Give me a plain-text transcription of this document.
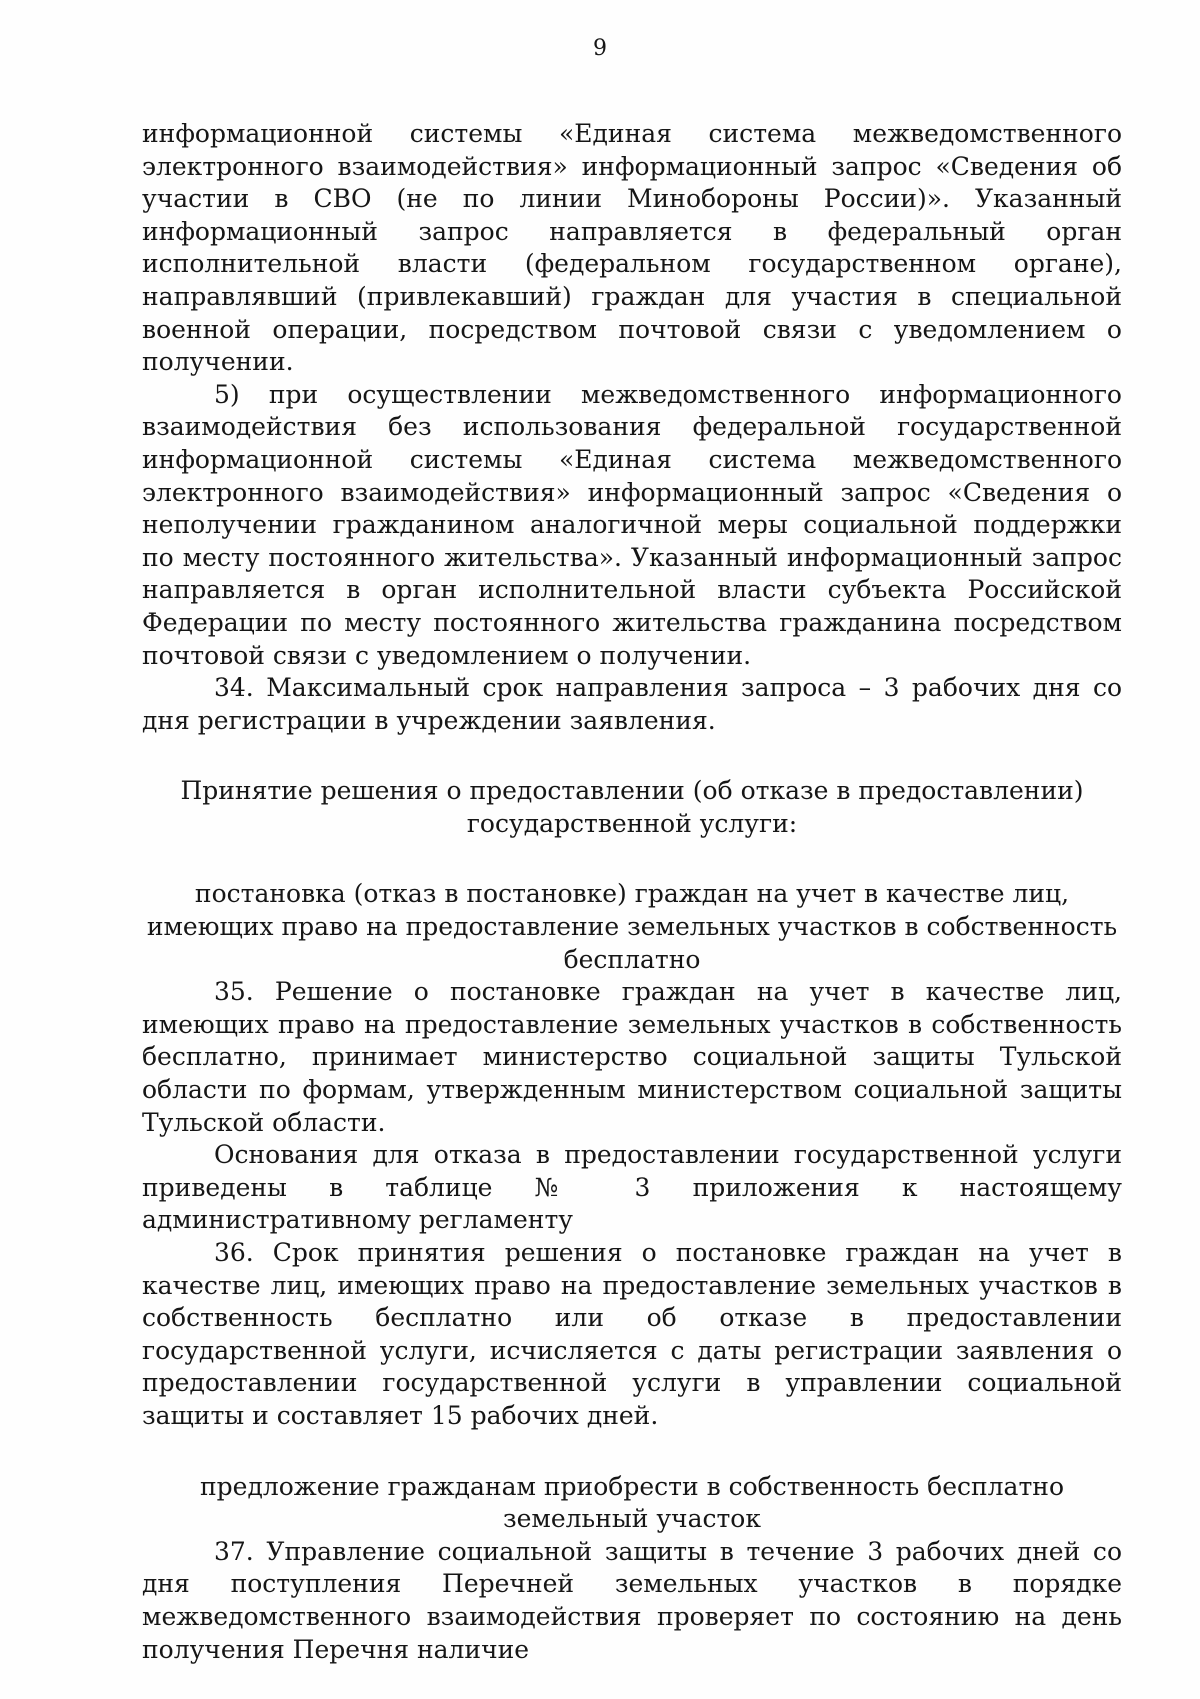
9

информационной системы «Единая система межведомственного электронного взаимодействия» информационный запрос «Сведения об участии в СВО (не по линии Минобороны России)». Указанный информационный запрос направляется в федеральный орган исполнительной власти (федеральном государственном органе), направлявший (привлекавший) граждан для участия в специальной военной операции, посредством почтовой связи с уведомлением о получении.

5) при осуществлении межведомственного информационного взаимодействия без использования федеральной государственной информационной системы «Единая система межведомственного электронного взаимодействия» информационный запрос «Сведения о неполучении гражданином аналогичной меры социальной поддержки по месту постоянного жительства». Указанный информационный запрос направляется в орган исполнительной власти субъекта Российской Федерации по месту постоянного жительства гражданина посредством почтовой связи с уведомлением о получении.

34. Максимальный срок направления запроса – 3 рабочих дня со дня регистрации в учреждении заявления.

Принятие решения о предоставлении (об отказе в предоставлении)

государственной услуги:

постановка (отказ в постановке) граждан на учет в качестве лиц,

имеющих право на предоставление земельных участков в собственность

бесплатно

35. Решение о постановке граждан на учет в качестве лиц, имеющих право на предоставление земельных участков в собственность бесплатно, принимает министерство социальной защиты Тульской области по формам, утвержденным министерством социальной защиты Тульской области.

Основания для отказа в предоставлении государственной услуги приведены в таблице № 3 приложения к настоящему административному регламенту

36. Срок принятия решения о постановке граждан на учет в качестве лиц, имеющих право на предоставление земельных участков в собственность бесплатно или об отказе в предоставлении государственной услуги, исчисляется с даты регистрации заявления о предоставлении государственной услуги в управлении социальной защиты и составляет 15 рабочих дней.

предложение гражданам приобрести в собственность бесплатно

земельный участок

37. Управление социальной защиты в течение 3 рабочих дней со дня поступления Перечней земельных участков в порядке межведомственного взаимодействия проверяет по состоянию на день получения Перечня наличие
